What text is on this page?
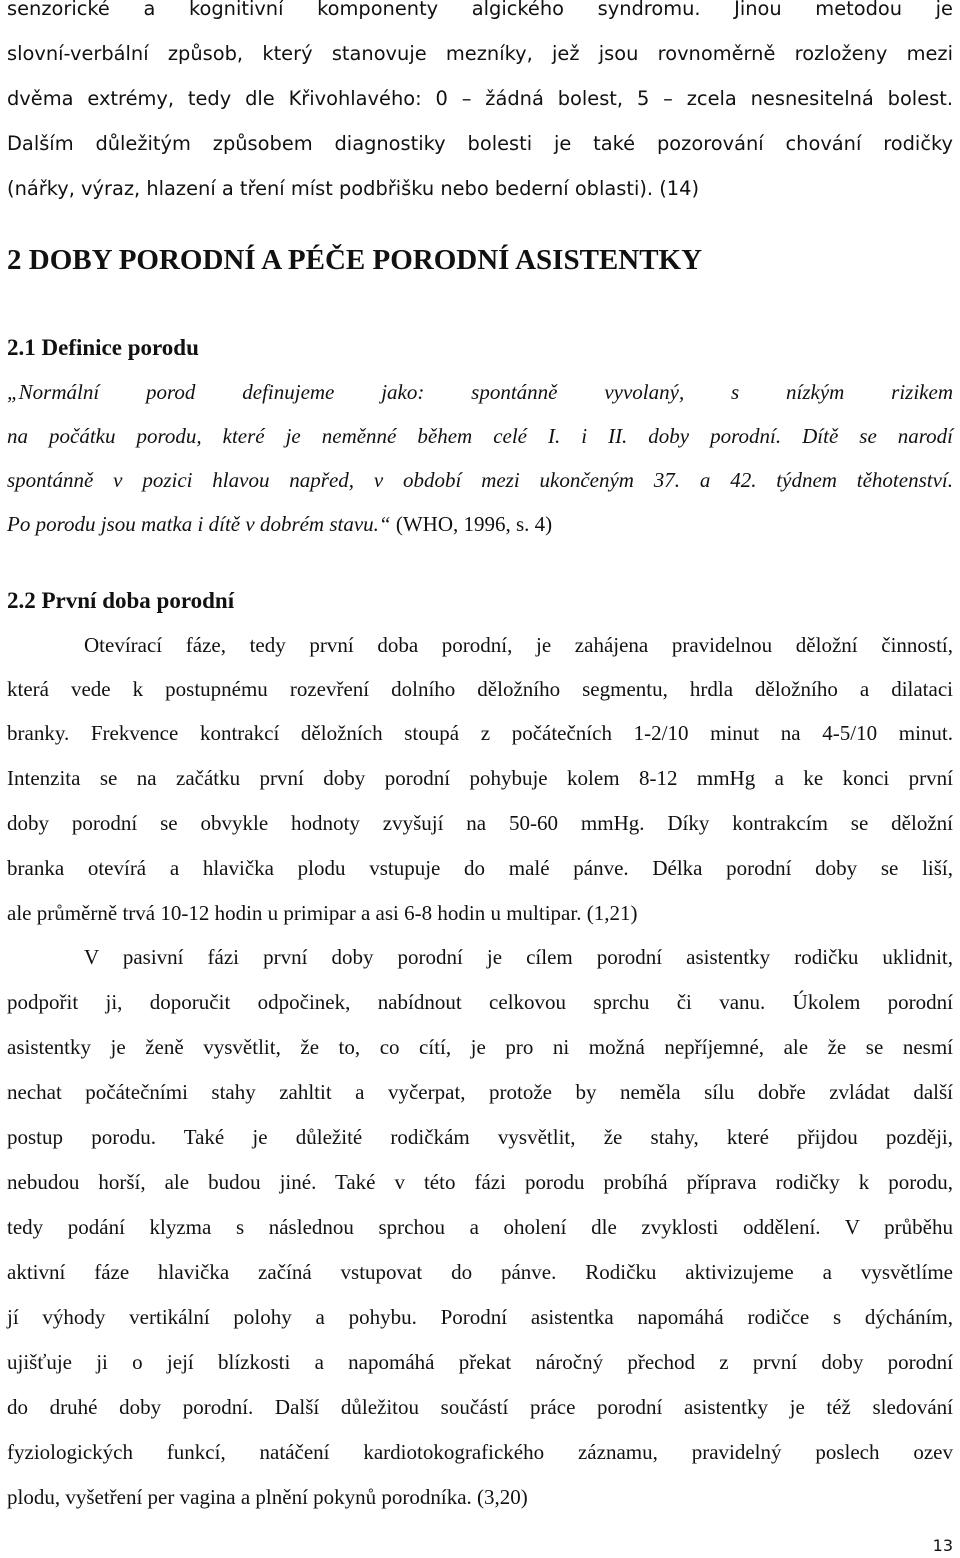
senzorické a kognitivní komponenty algického syndromu. Jinou metodou je
slovní-verbální způsob, který stanovuje mezníky, jež jsou rovnoměrně rozloženy mezi
dvěma extrémy, tedy dle Křivohlavého: 0 – žádná bolest, 5 – zcela nesnesitelná bolest.
Dalším důležitým způsobem diagnostiky bolesti je také pozorování chování rodičky
(nářky, výraz, hlazení a tření míst podbřišku nebo bederní oblasti). (14)
2 DOBY PORODNÍ A PÉČE PORODNÍ ASISTENTKY
2.1 Definice porodu
„Normální porod definujeme jako: spontánně vyvolaný, s nízkým rizikem
na počátku porodu, které je neměnné během celé I. i II. doby porodní. Dítě se narodí
spontánně v pozici hlavou napřed, v období mezi ukončeným 37. a 42. týdnem těhotenství.
Po porodu jsou matka i dítě v dobrém stavu.“ (WHO, 1996, s. 4)
2.2 První doba porodní
Otevírací fáze, tedy první doba porodní, je zahájena pravidelnou děložní činností,
která vede k postupnému rozevření dolního děložního segmentu, hrdla děložního a dilataci
branky. Frekvence kontrakcí děložních stoupá z počátečních 1-2/10 minut na 4-5/10 minut.
Intenzita se na začátku první doby porodní pohybuje kolem 8-12 mmHg a ke konci první
doby porodní se obvykle hodnoty zvyšují na 50-60 mmHg. Díky kontrakcím se děložní
branka otevírá a hlavička plodu vstupuje do malé pánve. Délka porodní doby se liší,
ale průměrně trvá 10-12 hodin u primipar a asi 6-8 hodin u multipar. (1,21)
V pasivní fázi první doby porodní je cílem porodní asistentky rodičku uklidnit,
podpořit ji, doporučit odpočinek, nabídnout celkovou sprchu či vanu. Úkolem porodní
asistentky je ženě vysvětlit, že to, co cítí, je pro ni možná nepříjemné, ale že se nesmí
nechat počátečními stahy zahltit a vyčerpat, protože by neměla sílu dobře zvládat další
postup porodu. Také je důležité rodičkám vysvětlit, že stahy, které přijdou později,
nebudou horší, ale budou jiné. Také v této fázi porodu probíhá příprava rodičky k porodu,
tedy podání klyzma s následnou sprchou a oholení dle zvyklosti oddělení. V průběhu
aktivní fáze hlavička začíná vstupovat do pánve. Rodičku aktivizujeme a vysvětlíme
jí výhody vertikální polohy a pohybu. Porodní asistentka napomáhá rodičce s dýcháním,
ujišťuje ji o její blízkosti a napomáhá překat náročný přechod z první doby porodní
do druhé doby porodní. Další důležitou součástí práce porodní asistentky je též sledování
fyziologických funkcí, natáčení kardiotokografického záznamu, pravidelný poslech ozev
plodu, vyšetření per vagina a plnění pokynů porodníka. (3,20)
13
